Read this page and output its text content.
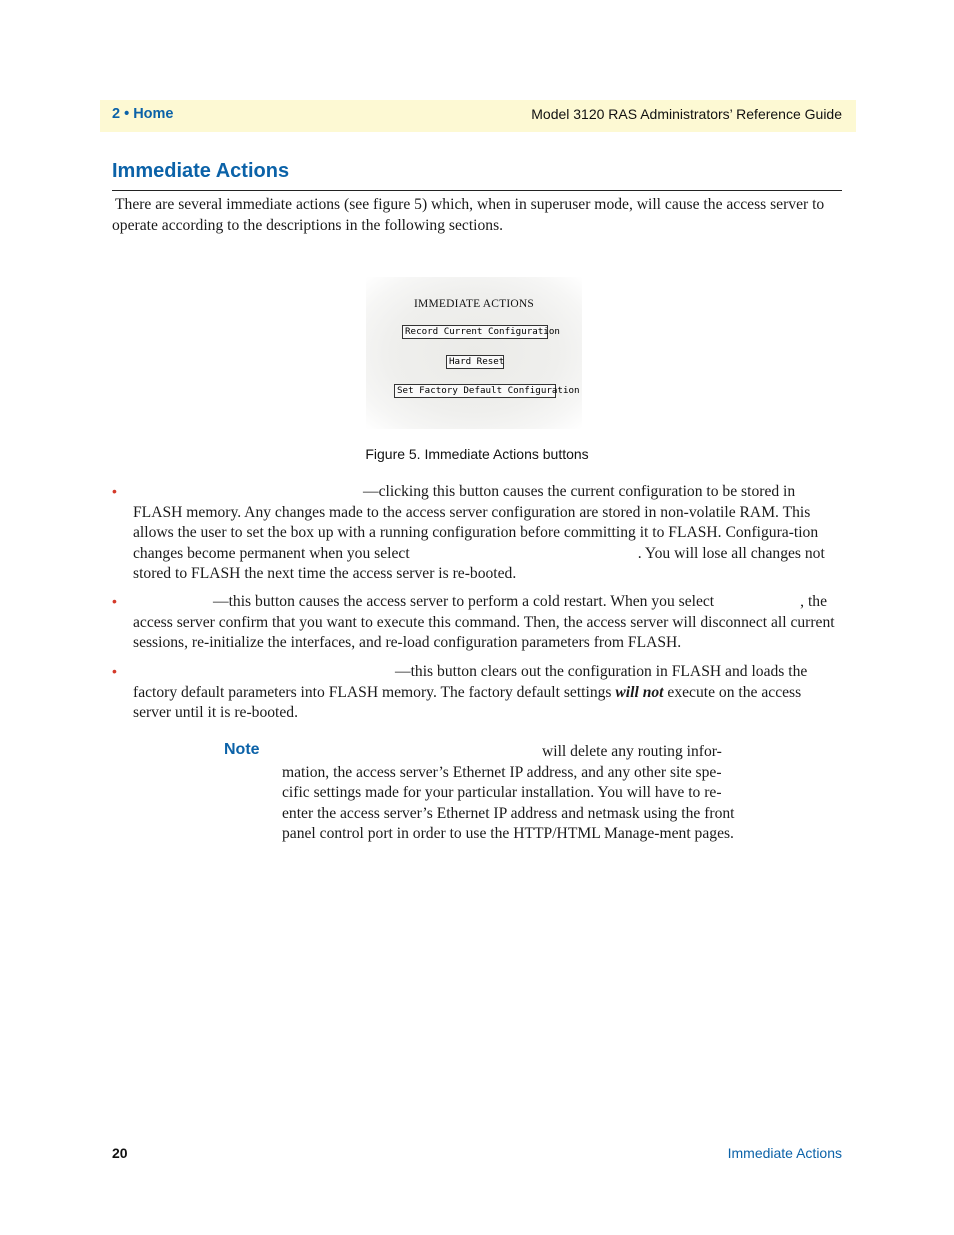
2 • Home	Model 3120 RAS Administrators’ Reference Guide
Immediate Actions

There are several immediate actions (see figure 5) which, when in superuser mode, will cause the access server to operate according to the descriptions in the following sections.

IMMEDIATE ACTIONS
Record Current Configuration
Hard Reset
Set Factory Default Configuration
Figure 5. Immediate Actions buttons
•	—clicking this button causes the current configuration to be stored in FLASH memory. Any changes made to the access server configuration are stored in non-volatile RAM. This allows the user to set the box up with a running configuration before committing it to FLASH. Configura-tion changes become permanent when you select	. You will lose all changes not stored to FLASH the next time the access server is re-booted.

•	—this button causes the access server to perform a cold restart. When you select	, the access server confirm that you want to execute this command. Then, the access server will disconnect all current sessions, re-initialize the interfaces, and re-load configuration parameters from FLASH.

•	—this button clears out the configuration in FLASH and loads the factory default parameters into FLASH memory. The factory default settings will not execute on the access server until it is re-booted.

Note	will delete any routing infor-mation, the access server’s Ethernet IP address, and any other site spe-cific settings made for your particular installation. You will have to re-enter the access server’s Ethernet IP address and netmask using the front panel control port in order to use the HTTP/HTML Manage-ment pages.

20	Immediate Actions
